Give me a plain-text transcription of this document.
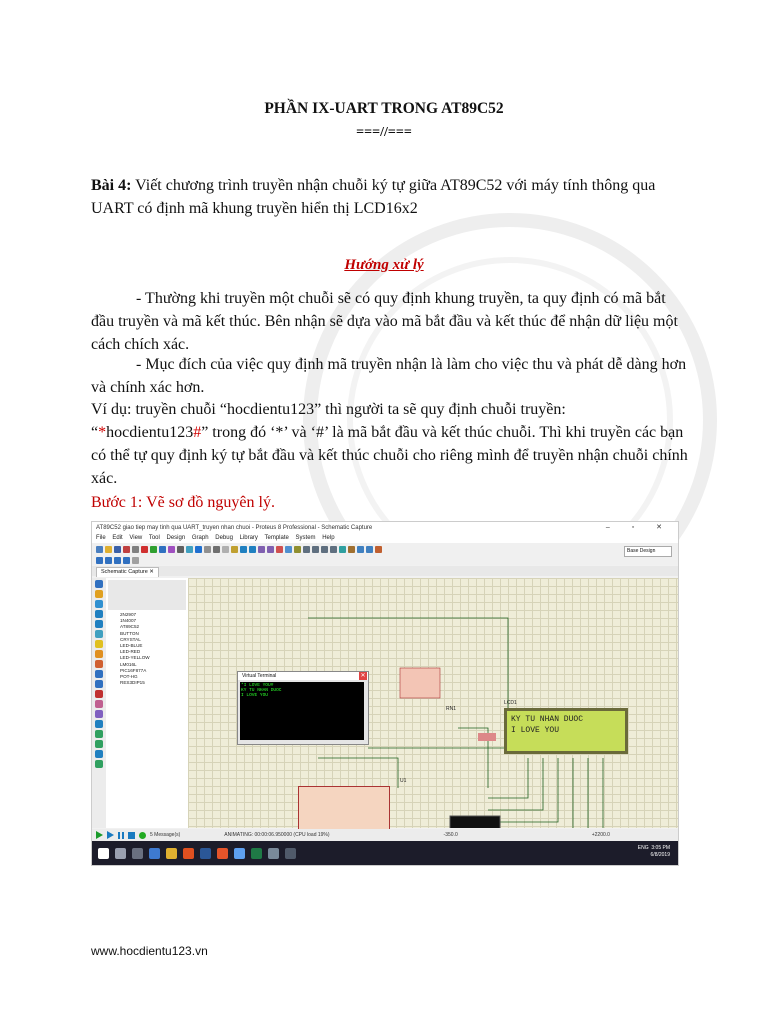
PHẦN IX-UART TRONG AT89C52
===//===
Bài 4: Viết chương trình truyền nhận chuỗi ký tự giữa AT89C52 với máy tính thông qua UART có định mã khung truyền hiển thị LCD16x2
Hướng xử lý
- Thường khi truyền một chuỗi sẽ có quy định khung truyền, ta quy định có mã bắt đầu truyền và mã kết thúc. Bên nhận sẽ dựa vào mã bắt đầu và kết thúc để nhận dữ liệu một cách chích xác.
- Mục đích của việc quy định mã truyền nhận là làm cho việc thu và phát dễ dàng hơn và chính xác hơn.
Ví dụ: truyền chuỗi “hocdientu123” thì người ta sẽ quy định chuỗi truyền:
“*hocdientu123#” trong đó ‘*’ và ‘#’ là mã bắt đầu và kết thúc chuỗi. Thì khi truyền các bạn có thể tự quy định ký tự bắt đầu và kết thúc chuỗi cho riêng mình để truyền nhận chuỗi chính xác.
Bước 1: Vẽ sơ đồ nguyên lý.
AT89C52 giao tiep may tinh qua UART_truyen nhan chuoi - Proteus 8 Professional - Schematic Capture	– ▫ ✕
File Edit View Tool Design Graph Debug Library Template System Help
Base Design
Schematic Capture ✕
2N2907
1N4007
AT89C52
BUTTON
CRYSTAL
LED-BLUE
LED-RED
LED-YELLOW
LM016L
PIC16F877A
POT-HG
RES3DIP15
Virtual Terminal	✕
*I LOVE YOU#
KY TU NHAN DUOC
I LOVE YOU
LCD1
KY TU NHAN DUOC
I LOVE YOU
RN1
U1
5 Message(s)	ANIMATING: 00:00:06.950000 (CPU load 19%)	-350.0	+2200.0
ENG 3:05 PM
6/8/2019
www.hocdientu123.vn
